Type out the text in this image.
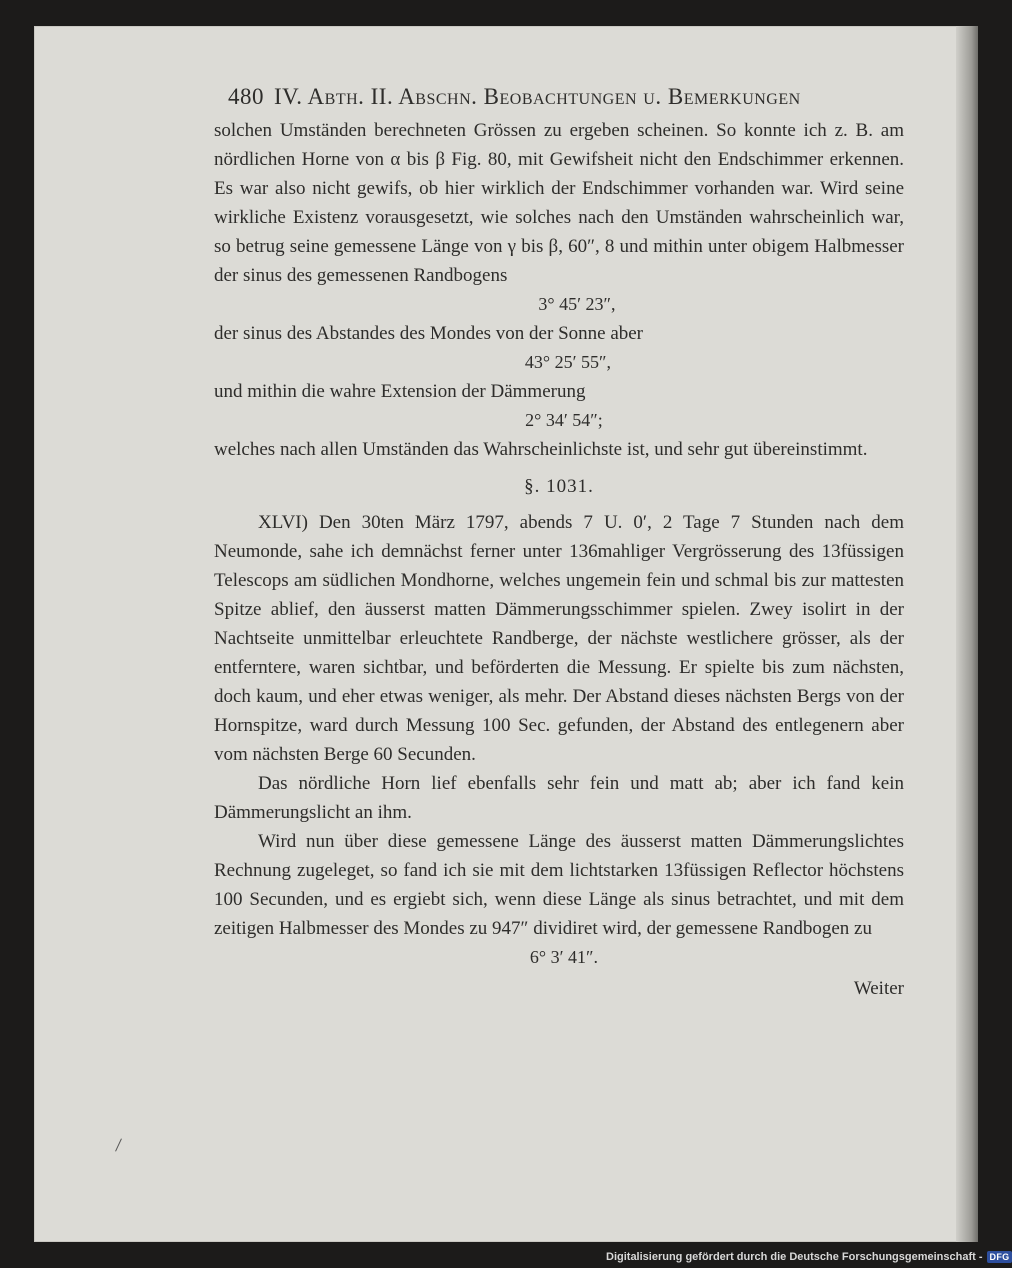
480 IV. Abth. II. Abschn. Beobachtungen u. Bemerkungen

solchen Umständen berechneten Grössen zu ergeben scheinen. So konnte ich z. B. am nördlichen Horne von α bis β Fig. 80, mit Gewifsheit nicht den Endschimmer erkennen. Es war also nicht gewifs, ob hier wirklich der Endschimmer vorhanden war. Wird seine wirkliche Existenz vorausgesetzt, wie solches nach den Umständen wahrscheinlich war, so betrug seine gemessene Länge von γ bis β, 60″, 8 und mithin unter obigem Halbmesser der sinus des gemessenen Randbogens

3° 45′ 23″,

der sinus des Abstandes des Mondes von der Sonne aber

43° 25′ 55″,

und mithin die wahre Extension der Dämmerung

2° 34′ 54″;

welches nach allen Umständen das Wahrscheinlichste ist, und sehr gut übereinstimmt.

§. 1031.

XLVI) Den 30ten März 1797, abends 7 U. 0′, 2 Tage 7 Stunden nach dem Neumonde, sahe ich demnächst ferner unter 136mahliger Vergrösserung des 13füssigen Telescops am südlichen Mondhorne, welches ungemein fein und schmal bis zur mattesten Spitze ablief, den äusserst matten Dämmerungsschimmer spielen. Zwey isolirt in der Nachtseite unmittelbar erleuchtete Randberge, der nächste westlichere grösser, als der entferntere, waren sichtbar, und beförderten die Messung. Er spielte bis zum nächsten, doch kaum, und eher etwas weniger, als mehr. Der Abstand dieses nächsten Bergs von der Hornspitze, ward durch Messung 100 Sec. gefunden, der Abstand des entlegenern aber vom nächsten Berge 60 Secunden.

Das nördliche Horn lief ebenfalls sehr fein und matt ab; aber ich fand kein Dämmerungslicht an ihm.

Wird nun über diese gemessene Länge des äusserst matten Dämmerungslichtes Rechnung zugeleget, so fand ich sie mit dem lichtstarken 13füssigen Reflector höchstens 100 Secunden, und es ergiebt sich, wenn diese Länge als sinus betrachtet, und mit dem zeitigen Halbmesser des Mondes zu 947″ dividiret wird, der gemessene Randbogen zu

6° 3′ 41″.

Weiter
Digitalisierung gefördert durch die Deutsche Forschungsgemeinschaft - DFG
